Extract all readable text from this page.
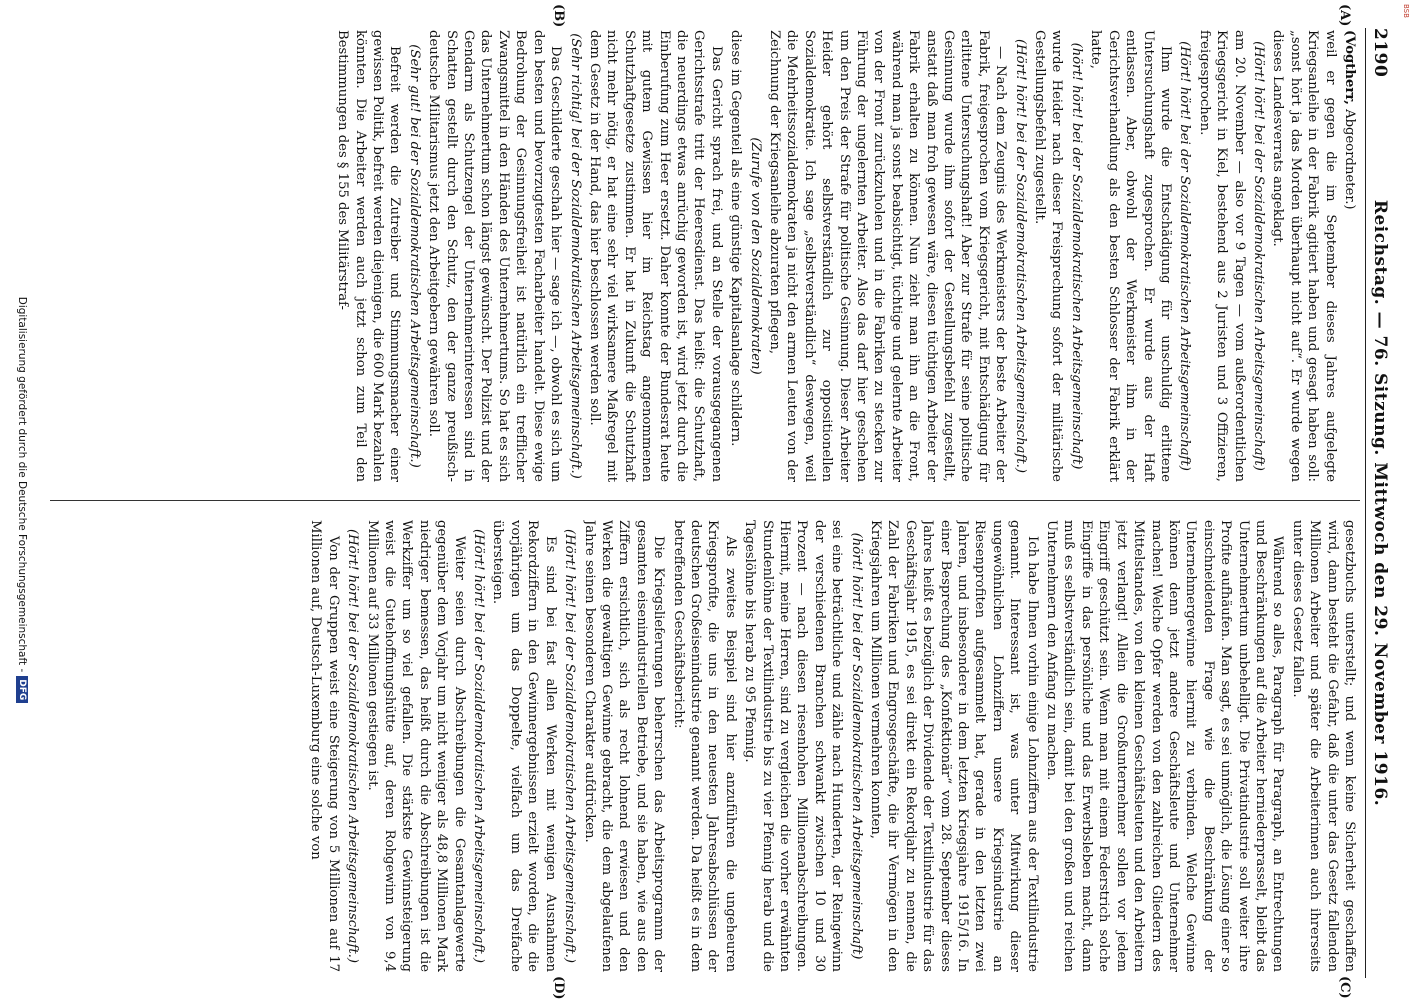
2190
Reichstag. — 76. Sitzung. Mittwoch den 29. November 1916.
(A)
(B)
(C)
(D)

(Vogtherr, Abgeordneter.)

weil er gegen die im September dieses Jahres aufgelegte Kriegsanleihe in der Fabrik agitiert haben und gesagt haben soll: „sonst hört ja das Morden überhaupt nicht auf“. Er wurde wegen dieses Landesverrats angeklagt.

(Hört! hört! bei der Sozialdemokratischen Arbeitsgemeinschaft)

am 20. November — also vor 9 Tagen — vom außerordentlichen Kriegsgericht in Kiel, bestehend aus 2 Juristen und 3 Offizieren, freigesprochen.

(Hört! hört! bei der Sozialdemokratischen Arbeitsgemeinschaft)

Ihm wurde die Entschädigung für unschuldig erlittene Untersuchungshaft zugesprochen. Er wurde aus der Haft entlassen. Aber, obwohl der Werkmeister ihm in der Gerichtsverhandlung als den besten Schlosser der Fabrik erklärt hatte,

(hört! hört! bei der Sozialdemokratischen Arbeitsgemeinschaft)

wurde Heider nach dieser Freisprechung sofort der militärische Gestellungsbefehl zugestellt.

(Hört! hört! bei der Sozialdemokratischen Arbeitsgemeinschaft.)

— Nach dem Zeugnis des Werkmeisters der beste Arbeiter der Fabrik, freigesprochen vom Kriegsgericht, mit Entschädigung für erlittene Untersuchungshaft! Aber zur Strafe für seine politische Gesinnung wurde ihm sofort der Gestellungsbefehl zugestellt, anstatt daß man froh gewesen wäre, diesen tüchtigen Arbeiter der Fabrik erhalten zu können. Nun zieht man ihn an die Front, während man ja sonst beabsichtigt, tüchtige und gelernte Arbeiter von der Front zurückzuholen und in die Fabriken zu stecken zur Führung der ungelernten Arbeiter. Also das darf hier geschehen um den Preis der Strafe für politische Gesinnung. Dieser Arbeiter Heider gehört selbstverständlich zur oppositionellen Sozialdemokratie. Ich sage „selbstverständlich“ deswegen, weil die Mehrheitssozialdemokraten ja nicht den armen Leuten von der Zeichnung der Kriegsanleihe abzuraten pflegen,

(Zurufe von den Sozialdemokraten)

diese im Gegenteil als eine günstige Kapitalsanlage schildern.

Das Gericht sprach frei, und an Stelle der vorausgegangenen Gerichtsstrafe tritt der Heeresdienst. Das heißt: die Schutzhaft, die neuerdings etwas anrüchig geworden ist, wird jetzt durch die Einberufung zum Heer ersetzt. Daher konnte der Bundesrat heute mit gutem Gewissen hier im Reichstag angenommenen Schutzhaftgesetze zustimmen. Er hat in Zukunft die Schutzhaft nicht mehr nötig, er hat eine sehr viel wirksamere Maßregel mit dem Gesetz in der Hand, das hier beschlossen werden soll.

(Sehr richtig! bei der Sozialdemokratischen Arbeitsgemeinschaft.)

Das Geschilderte geschah hier — sage ich —, obwohl es sich um den besten und bevorzugtesten Facharbeiter handelt. Diese ewige Bedrohung der Gesinnungsfreiheit ist natürlich ein trefflicher Zwangsmittel in den Händen des Unternehmertums. So hat es sich das Unternehmertum schon längst gewünscht. Der Polizist und der Gendarm als Schutzengel der Unternehmerinteressen sind in Schatten gestellt durch den Schutz, den der ganze preußisch-deutsche Militarismus jetzt den Arbeitgebern gewähren soll.

(Sehr gut! bei der Sozialdemokratischen Arbeitsgemeinschaft.)

Befreit werden die Zutreiber und Stimmungsmacher einer gewissen Politik, befreit werden diejenigen, die 600 Mark bezahlen könnten. Die Arbeiter werden auch jetzt schon zum Teil den Bestimmungen des § 155 des Militärstraf-

gesetzbuchs unterstellt; und wenn keine Sicherheit geschaffen wird, dann besteht die Gefahr, daß die unter das Gesetz fallenden Millionen Arbeiter und später die Arbeiterinnen auch ihrerseits unter dieses Gesetz fallen.

Während so alles, Paragraph für Paragraph, an Entrechtungen und Beschränkungen auf die Arbeiter herniederprasselt, bleibt das Unternehmertum unbehelligt. Die Privatindustrie soll weiter ihre Profite aufhäufen. Man sagt, es sei unmöglich, die Lösung einer so einschneidenden Frage wie die Beschränkung der Unternehmergewinne hiermit zu verbinden. Welche Gewinne können denn jetzt andere Geschäftsleute und Unternehmer machen! Welche Opfer werden von den zahlreichen Gliedern des Mittelstandes, von den kleinen Geschäftsleuten und den Arbeitern jetzt verlangt! Allein die Großunternehmer sollen vor jedem Eingriff geschützt sein. Wenn man mit einem Federstrich solche Eingriffe in das persönliche und das Erwerbsleben macht, dann muß es selbstverständlich sein, damit bei den großen und reichen Unternehmern den Anfang zu machen.

Ich habe Ihnen vorhin einige Lohnziffern aus der Textilindustrie genannt. Interessant ist, was unter Mitwirkung dieser ungewöhnlichen Lohnziffern unsere Kriegsindustrie an Riesenprofiten aufgesammelt hat, gerade in den letzten zwei Jahren, und insbesondere in dem letzten Kriegsjahre 1915/16. In einer Besprechung des „Konfektionär“ vom 28. September dieses Jahres heißt es bezüglich der Dividende der Textilindustrie für das Geschäftsjahr 1915, es sei direkt ein Rekordjahr zu nennen, die Zahl der Fabriken und Engrosgeschäfte, die ihr Vermögen in den Kriegsjahren um Millionen vermehren konnten,

(hört! hört! bei der Sozialdemokratischen Arbeitsgemeinschaft)

sei eine beträchtliche und zähle nach Hunderten, der Reingewinn der verschiedenen Branchen schwankt zwischen 10 und 30 Prozent — nach diesen riesenhohen Millionenabschreibungen. Hiermit, meine Herren, sind zu vergleichen die vorher erwähnten Stundenlöhne der Textilindustrie bis zu vier Pfennig herab und die Tageslöhne bis herab zu 95 Pfennig.

Als zweites Beispiel sind hier anzuführen die ungeheuren Kriegsprofite, die uns in den neuesten Jahresabschlüssen der deutschen Großeisenindustrie genannt werden. Da heißt es in dem betreffenden Geschäftsbericht:

Die Kriegslieferungen beherrschen das Arbeitsprogramm der gesamten eisenindustriellen Betriebe, und sie haben, wie aus den Ziffern ersichtlich, sich als recht lohnend erwiesen und den Werken die gewaltigen Gewinne gebracht, die dem abgelaufenen Jahre seinen besonderen Charakter aufdrücken.

(Hört! hört! bei der Sozialdemokratischen Arbeitsgemeinschaft.)

Es sind bei fast allen Werken mit wenigen Ausnahmen Rekordziffern in den Gewinnergebnissen erzielt worden, die die vorjährigen um das Doppelte, vielfach um das Dreifache übersteigen.

(Hört! hört! bei der Sozialdemokratischen Arbeitsgemeinschaft.)

Weiter seien durch Abschreibungen die Gesamtanlagewerte gegenüber dem Vorjahr um nicht weniger als 48,8 Millionen Mark niedriger bemessen, das heißt durch die Abschreibungen ist die Werkziffer um so viel gefallen. Die stärkste Gewinnsteigerung weist die Gutehoffnungshütte auf, deren Rohgewinn von 9,4 Millionen auf 33 Millionen gestiegen ist.

(Hört! hört! bei der Sozialdemokratischen Arbeitsgemeinschaft.)

Von der Gruppen weist eine Steigerung von 5 Millionen auf 17 Millionen auf, Deutsch-Luxemburg eine solche von

Digitalisierung gefördert durch die Deutsche Forschungsgemeinschaft -DFG
BSB
